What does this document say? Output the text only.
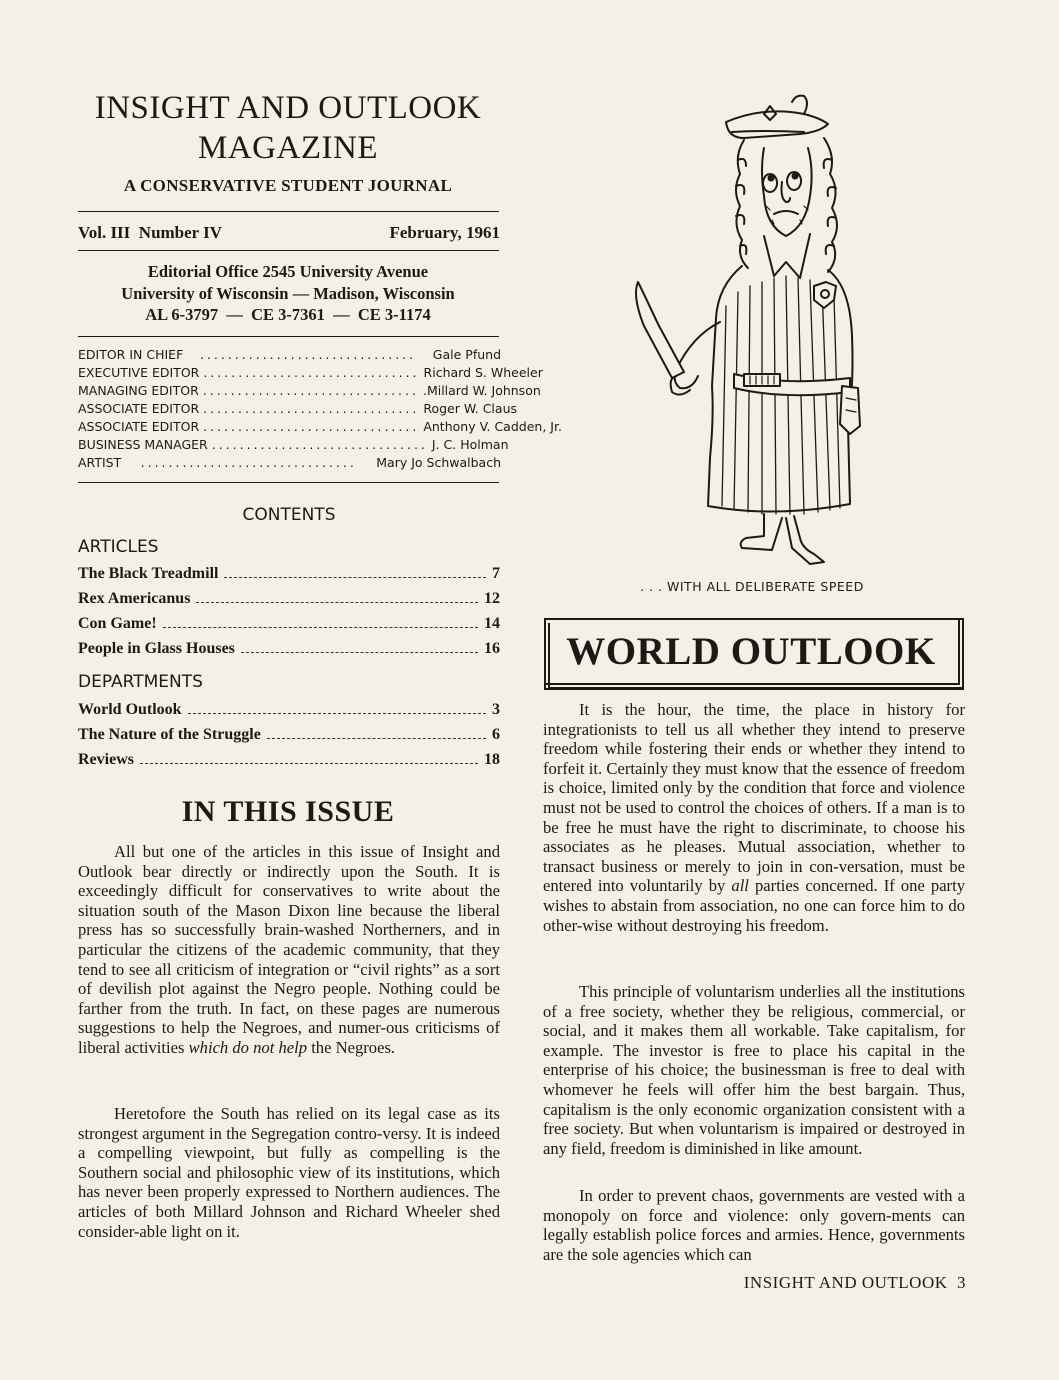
INSIGHT AND OUTLOOK MAGAZINE
A CONSERVATIVE STUDENT JOURNAL
Vol. III  Number IV	February, 1961
Editorial Office 2545 University Avenue
University of Wisconsin — Madison, Wisconsin
AL 6-3797  —  CE 3-7361  —  CE 3-1174
EDITOR IN CHIEF	...............................	Gale Pfund
EXECUTIVE EDITOR ............................... Richard S. Wheeler
MANAGING EDITOR ............................... .Millard W. Johnson
ASSOCIATE EDITOR ............................... Roger W. Claus
ASSOCIATE EDITOR ............................... Anthony V. Cadden, Jr.
BUSINESS MANAGER ............................... J. C. Holman
ARTIST	...............................	Mary Jo Schwalbach
CONTENTS
ARTICLES
The Black Treadmill	7
Rex Americanus	12
Con Game!	14
People in Glass Houses	16
DEPARTMENTS
World Outlook	3
The Nature of the Struggle	6
Reviews	18
IN THIS ISSUE
All but one of the articles in this issue of Insight and Outlook bear directly or indirectly upon the South. It is exceedingly difficult for conservatives to write about the situation south of the Mason Dixon line because the liberal press has so successfully brain-washed Northerners, and in particular the citizens of the academic community, that they tend to see all criticism of integration or “civil rights” as a sort of devilish plot against the Negro people. Nothing could be farther from the truth. In fact, on these pages are numerous suggestions to help the Negroes, and numer-ous criticisms of liberal activities which do not help the Negroes.
Heretofore the South has relied on its legal case as its strongest argument in the Segregation contro-versy. It is indeed a compelling viewpoint, but fully as compelling is the Southern social and philosophic view of its institutions, which has never been properly expressed to Northern audiences. The articles of both Millard Johnson and Richard Wheeler shed consider-able light on it.
. . . WITH ALL DELIBERATE SPEED
WORLD OUTLOOK
It is the hour, the time, the place in history for integrationists to tell us all whether they intend to preserve freedom while fostering their ends or whether they intend to forfeit it. Certainly they must know that the essence of freedom is choice, limited only by the condition that force and violence must not be used to control the choices of others. If a man is to be free he must have the right to discriminate, to choose his associates as he pleases. Mutual association, whether to transact business or merely to join in con-versation, must be entered into voluntarily by all parties concerned. If one party wishes to abstain from association, no one can force him to do other-wise without destroying his freedom.
This principle of voluntarism underlies all the institutions of a free society, whether they be religious, commercial, or social, and it makes them all workable. Take capitalism, for example. The investor is free to place his capital in the enterprise of his choice; the businessman is free to deal with whomever he feels will offer him the best bargain. Thus, capitalism is the only economic organization consistent with a free society. But when voluntarism is impaired or destroyed in any field, freedom is diminished in like amount.
In order to prevent chaos, governments are vested with a monopoly on force and violence: only govern-ments can legally establish police forces and armies. Hence, governments are the sole agencies which can
INSIGHT AND OUTLOOK  3
